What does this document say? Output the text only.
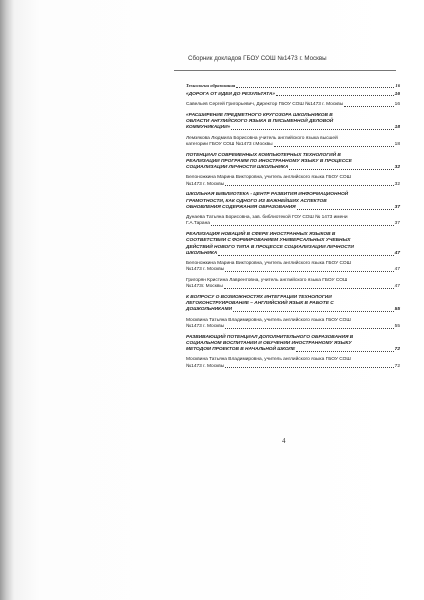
Сборник докладов ГБОУ СОШ №1473 г. Москвы
Технологии образования	16
«ДОРОГА ОТ ИДЕИ ДО РЕЗУЛЬТАТА»	16
Савельев Сергей Григорьевич, Директор ГБОУ СОШ №1473 г. Москвы	16
«РАСШИРЕНИЕ ПРЕДМЕТНОГО КРУГОЗОРА ШКОЛЬНИКОВ В
ОБЛАСТИ АНГЛИЙСКОГО ЯЗЫКА В ПИСЬМЕННОЙ ДЕЛОВОЙ
КОММУНИКАЦИИ»	18
Лемзякова Людмила Борисовна учитель английского языка высшей
категории ГБОУ СОШ №1473 г.Москвы	18
ПОТЕНЦИАЛ СОВРЕМЕННЫХ КОМПЬЮТЕРНЫХ ТЕХНОЛОГИЙ В
РЕАЛИЗАЦИИ ПРОГРАММ ПО ИНОСТРАННОМУ ЯЗЫКУ В ПРОЦЕССЕ
СОЦИАЛИЗАЦИИ ЛИЧНОСТИ ШКОЛЬНИКА	32
Белоножкина Марина Викторовна, учитель английского языка ГБОУ СОШ
№1473 г. Москвы	32
ШКОЛЬНАЯ БИБЛИОТЕКА - ЦЕНТР РАЗВИТИЯ ИНФОРМАЦИОННОЙ
ГРАМОТНОСТИ, КАК ОДНОГО ИЗ ВАЖНЕЙШИХ АСПЕКТОВ
ОБНОВЛЕНИЯ СОДЕРЖАНИЯ ОБРАЗОВАНИЯ	37
Дунаева Татьяна Борисовна, зав. библиотекой ГОУ СОШ № 1473 имени
Г.А.Тарана	37
РЕАЛИЗАЦИЯ НОВАЦИЙ В СФЕРЕ ИНОСТРАННЫХ ЯЗЫКОВ В
СООТВЕТСТВИИ С ФОРМИРОВАНИЕМ УНИВЕРСАЛЬНЫХ УЧЕБНЫХ
ДЕЙСТВИЙ НОВОГО ТИПА В ПРОЦЕССЕ СОЦИАЛИЗАЦИИ ЛИЧНОСТИ
ШКОЛЬНИКА	47
Белоножкина Марина Викторовна, учитель английского языка ГБОУ СОШ
№1473 г. Москвы	47
Григорян Кристина Лаврентовна, учитель английского языка ГБОУ СОШ
№1473г. Москвы	47
К ВОПРОСУ О ВОЗМОЖНОСТЯХ ИНТЕГРАЦИИ ТЕХНОЛОГИИ
ЛЕГОКОНСТРУИРОВАНИЕ – АНГЛИЙСКИЙ ЯЗЫК В РАБОТЕ С
ДОШКОЛЬНИКАМИ	55
Москвина Татьяна Владимировна, учитель английского языка ГБОУ СОШ
№1473 г. Москвы	55
РАЗВИВАЮЩИЙ ПОТЕНЦИАЛ ДОПОЛНИТЕЛЬНОГО ОБРАЗОВАНИЯ В
СОЦИАЛЬНОМ ВОСПИТАНИИ И ОБУЧЕНИИ ИНОСТРАННОМУ ЯЗЫКУ
МЕТОДОМ ПРОЕКТОВ В НАЧАЛЬНОЙ ШКОЛЕ	72
Москвина Татьяна Владимировна, учитель английского языка ГБОУ СОШ
№1473 г. Москвы	72
4
